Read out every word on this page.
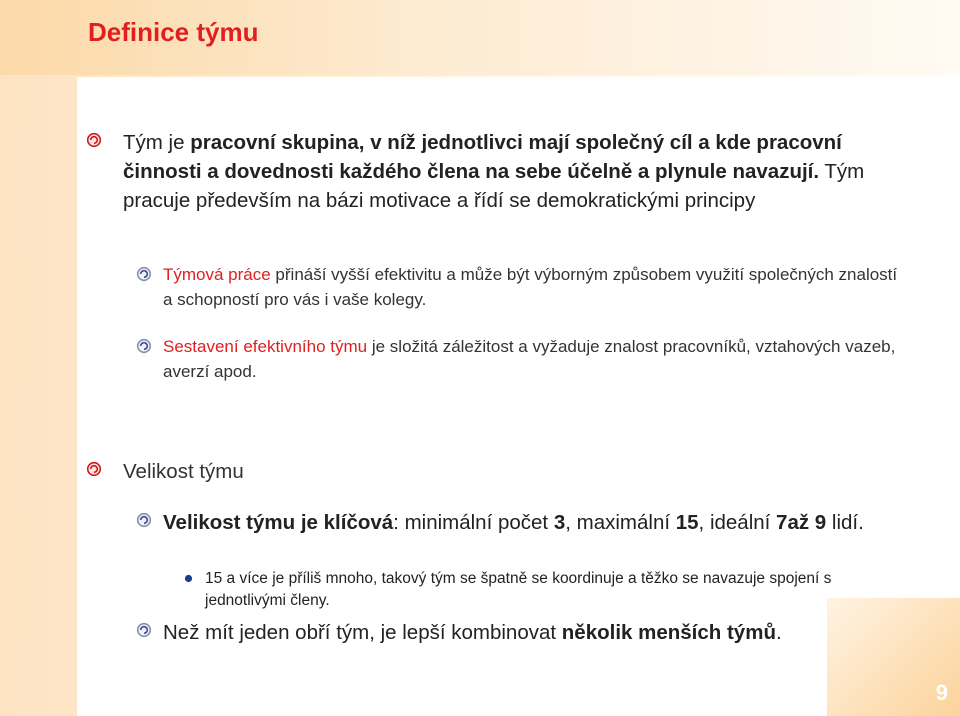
Definice týmu
9

Tým je pracovní skupina, v níž jednotlivci mají společný cíl a kde pracovní činnosti a dovednosti každého člena na sebe účelně a plynule navazují. Tým pracuje především na bázi motivace a řídí se demokratickými principy

Týmová práce přináší vyšší efektivitu a může být výborným způsobem využití společných znalostí a schopností pro vás i vaše kolegy.

Sestavení efektivního týmu je složitá záležitost a vyžaduje znalost pracovníků, vztahových vazeb, averzí apod.

Velikost týmu

Velikost týmu je klíčová: minimální počet 3, maximální 15, ideální 7až 9 lidí.

15 a více je příliš mnoho, takový tým se špatně se koordinuje a těžko se navazuje spojení s jednotlivými členy.

Než mít jeden obří tým, je lepší kombinovat několik menších týmů.
